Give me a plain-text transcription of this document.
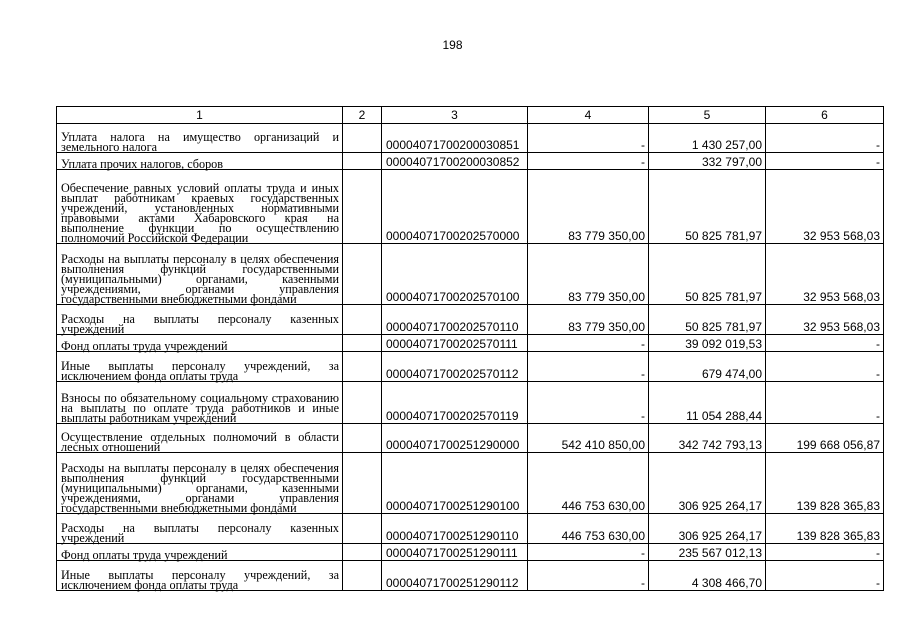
198
1	2	3	4	5	6
Уплата налога на имущество организаций и земельного налога		00004071700200030851	-	1 430 257,00	-
Уплата прочих налогов, сборов		00004071700200030852	-	332 797,00	-
Обеспечение равных условий оплаты труда и иных выплат работникам краевых государственных учреждений, установленных нормативными правовыми актами Хабаровского края на выполнение функции по осуществлению полномочий Российской Федерации		00004071700202570000	83 779 350,00	50 825 781,97	32 953 568,03
Расходы на выплаты персоналу в целях обеспечения выполнения функций государственными (муниципальными) органами, казенными учреждениями, органами управления государственными внебюджетными фондами		00004071700202570100	83 779 350,00	50 825 781,97	32 953 568,03
Расходы на выплаты персоналу казенных учреждений		00004071700202570110	83 779 350,00	50 825 781,97	32 953 568,03
Фонд оплаты труда учреждений		00004071700202570111	-	39 092 019,53	-
Иные выплаты персоналу учреждений, за исключением фонда оплаты труда		00004071700202570112	-	679 474,00	-
Взносы по обязательному социальному страхованию на выплаты по оплате труда работников и иные выплаты работникам учреждений		00004071700202570119	-	11 054 288,44	-
Осуществление отдельных полномочий в области лесных отношений		00004071700251290000	542 410 850,00	342 742 793,13	199 668 056,87
Расходы на выплаты персоналу в целях обеспечения выполнения функций государственными (муниципальными) органами, казенными учреждениями, органами управления государственными внебюджетными фондами		00004071700251290100	446 753 630,00	306 925 264,17	139 828 365,83
Расходы на выплаты персоналу казенных учреждений		00004071700251290110	446 753 630,00	306 925 264,17	139 828 365,83
Фонд оплаты труда учреждений		00004071700251290111	-	235 567 012,13	-
Иные выплаты персоналу учреждений, за исключением фонда оплаты труда		00004071700251290112	-	4 308 466,70	-
